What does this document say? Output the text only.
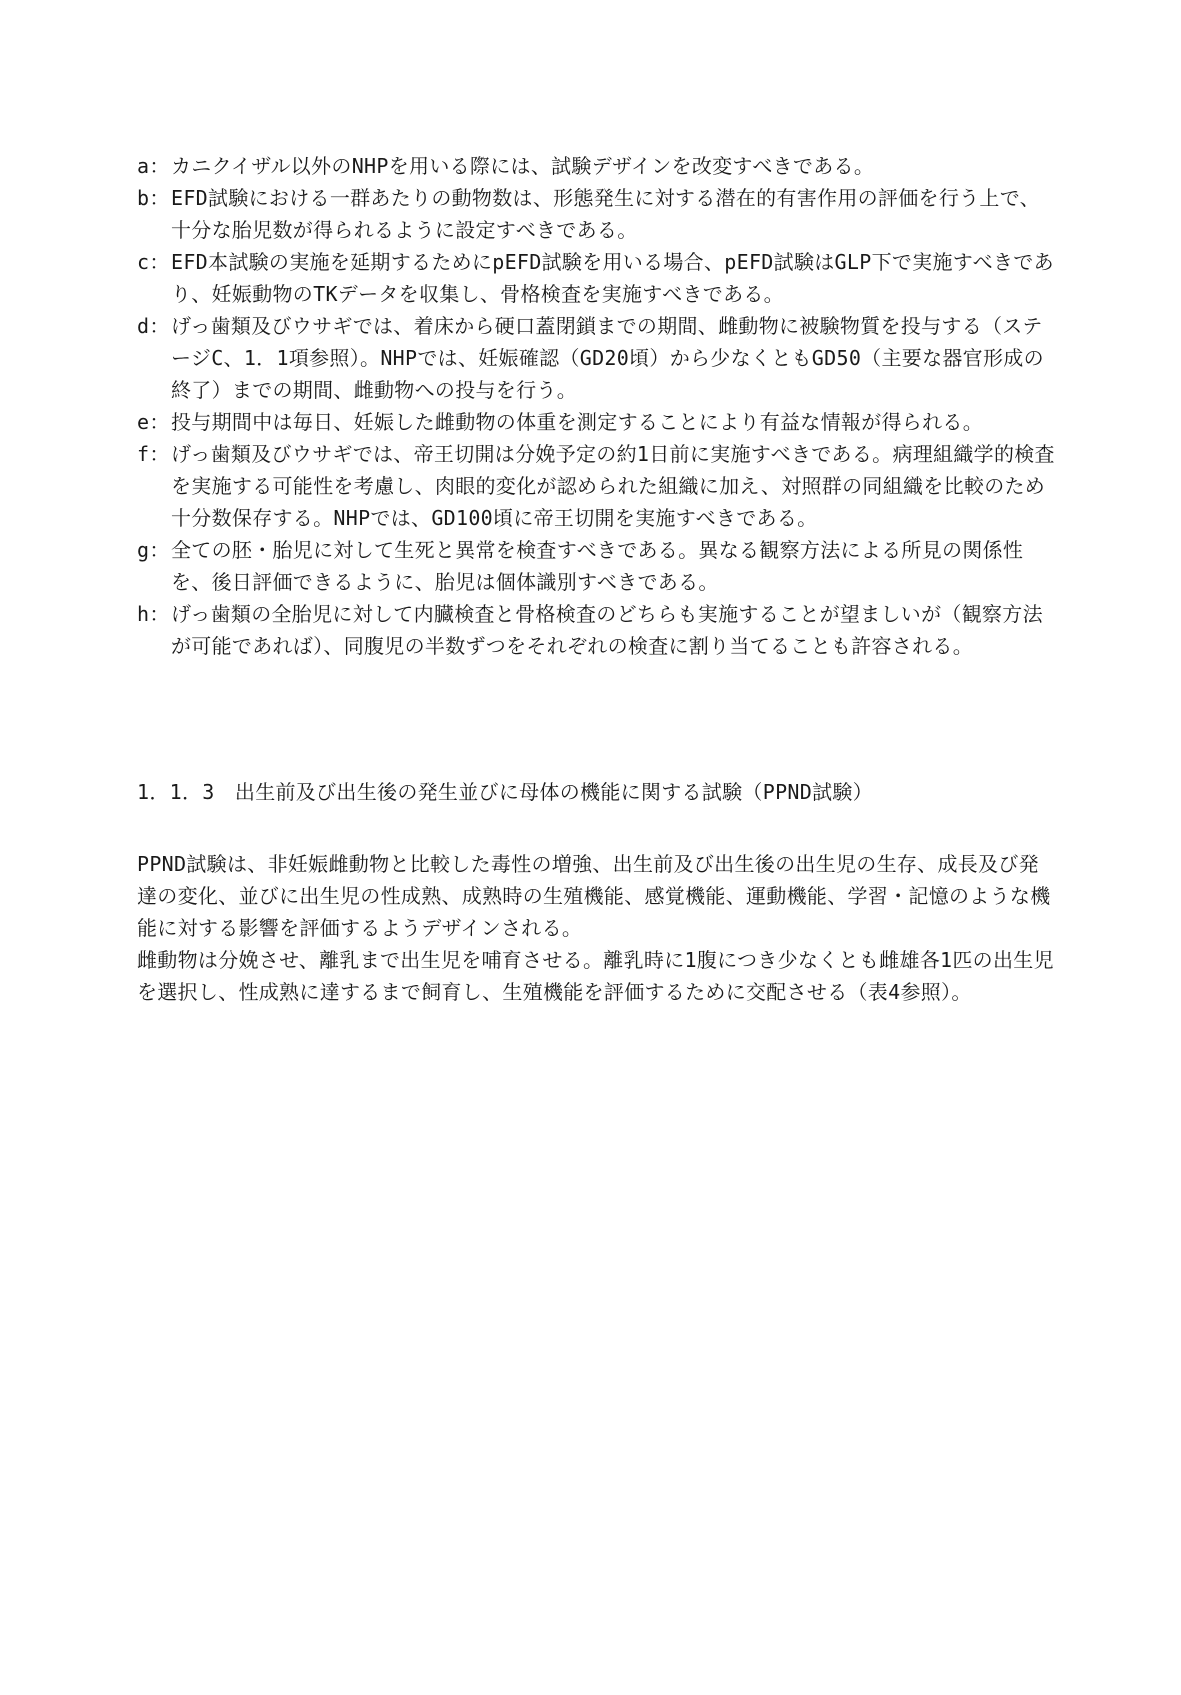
a： カニクイザル以外のNHPを用いる際には、試験デザインを改変すべきである。
b： EFD試験における一群あたりの動物数は、形態発生に対する潜在的有害作用の評価を行う上で、十分な胎児数が得られるように設定すべきである。
c： EFD本試験の実施を延期するためにpEFD試験を用いる場合、pEFD試験はGLP下で実施すべきであり、妊娠動物のTKデータを収集し、骨格検査を実施すべきである。
d： げっ歯類及びウサギでは、着床から硬口蓋閉鎖までの期間、雌動物に被験物質を投与する（ステージC、1．1項参照）。NHPでは、妊娠確認（GD20頃）から少なくともGD50（主要な器官形成の終了）までの期間、雌動物への投与を行う。
e： 投与期間中は毎日、妊娠した雌動物の体重を測定することにより有益な情報が得られる。
f： げっ歯類及びウサギでは、帝王切開は分娩予定の約1日前に実施すべきである。病理組織学的検査を実施する可能性を考慮し、肉眼的変化が認められた組織に加え、対照群の同組織を比較のため十分数保存する。NHPでは、GD100頃に帝王切開を実施すべきである。
g： 全ての胚・胎児に対して生死と異常を検査すべきである。異なる観察方法による所見の関係性を、後日評価できるように、胎児は個体識別すべきである。
h： げっ歯類の全胎児に対して内臓検査と骨格検査のどちらも実施することが望ましいが（観察方法が可能であれば）、同腹児の半数ずつをそれぞれの検査に割り当てることも許容される。
1．1．3　出生前及び出生後の発生並びに母体の機能に関する試験（PPND試験）

PPND試験は、非妊娠雌動物と比較した毒性の増強、出生前及び出生後の出生児の生存、成長及び発達の変化、並びに出生児の性成熟、成熟時の生殖機能、感覚機能、運動機能、学習・記憶のような機能に対する影響を評価するようデザインされる。

雌動物は分娩させ、離乳まで出生児を哺育させる。離乳時に1腹につき少なくとも雌雄各1匹の出生児を選択し、性成熟に達するまで飼育し、生殖機能を評価するために交配させる（表4参照）。
